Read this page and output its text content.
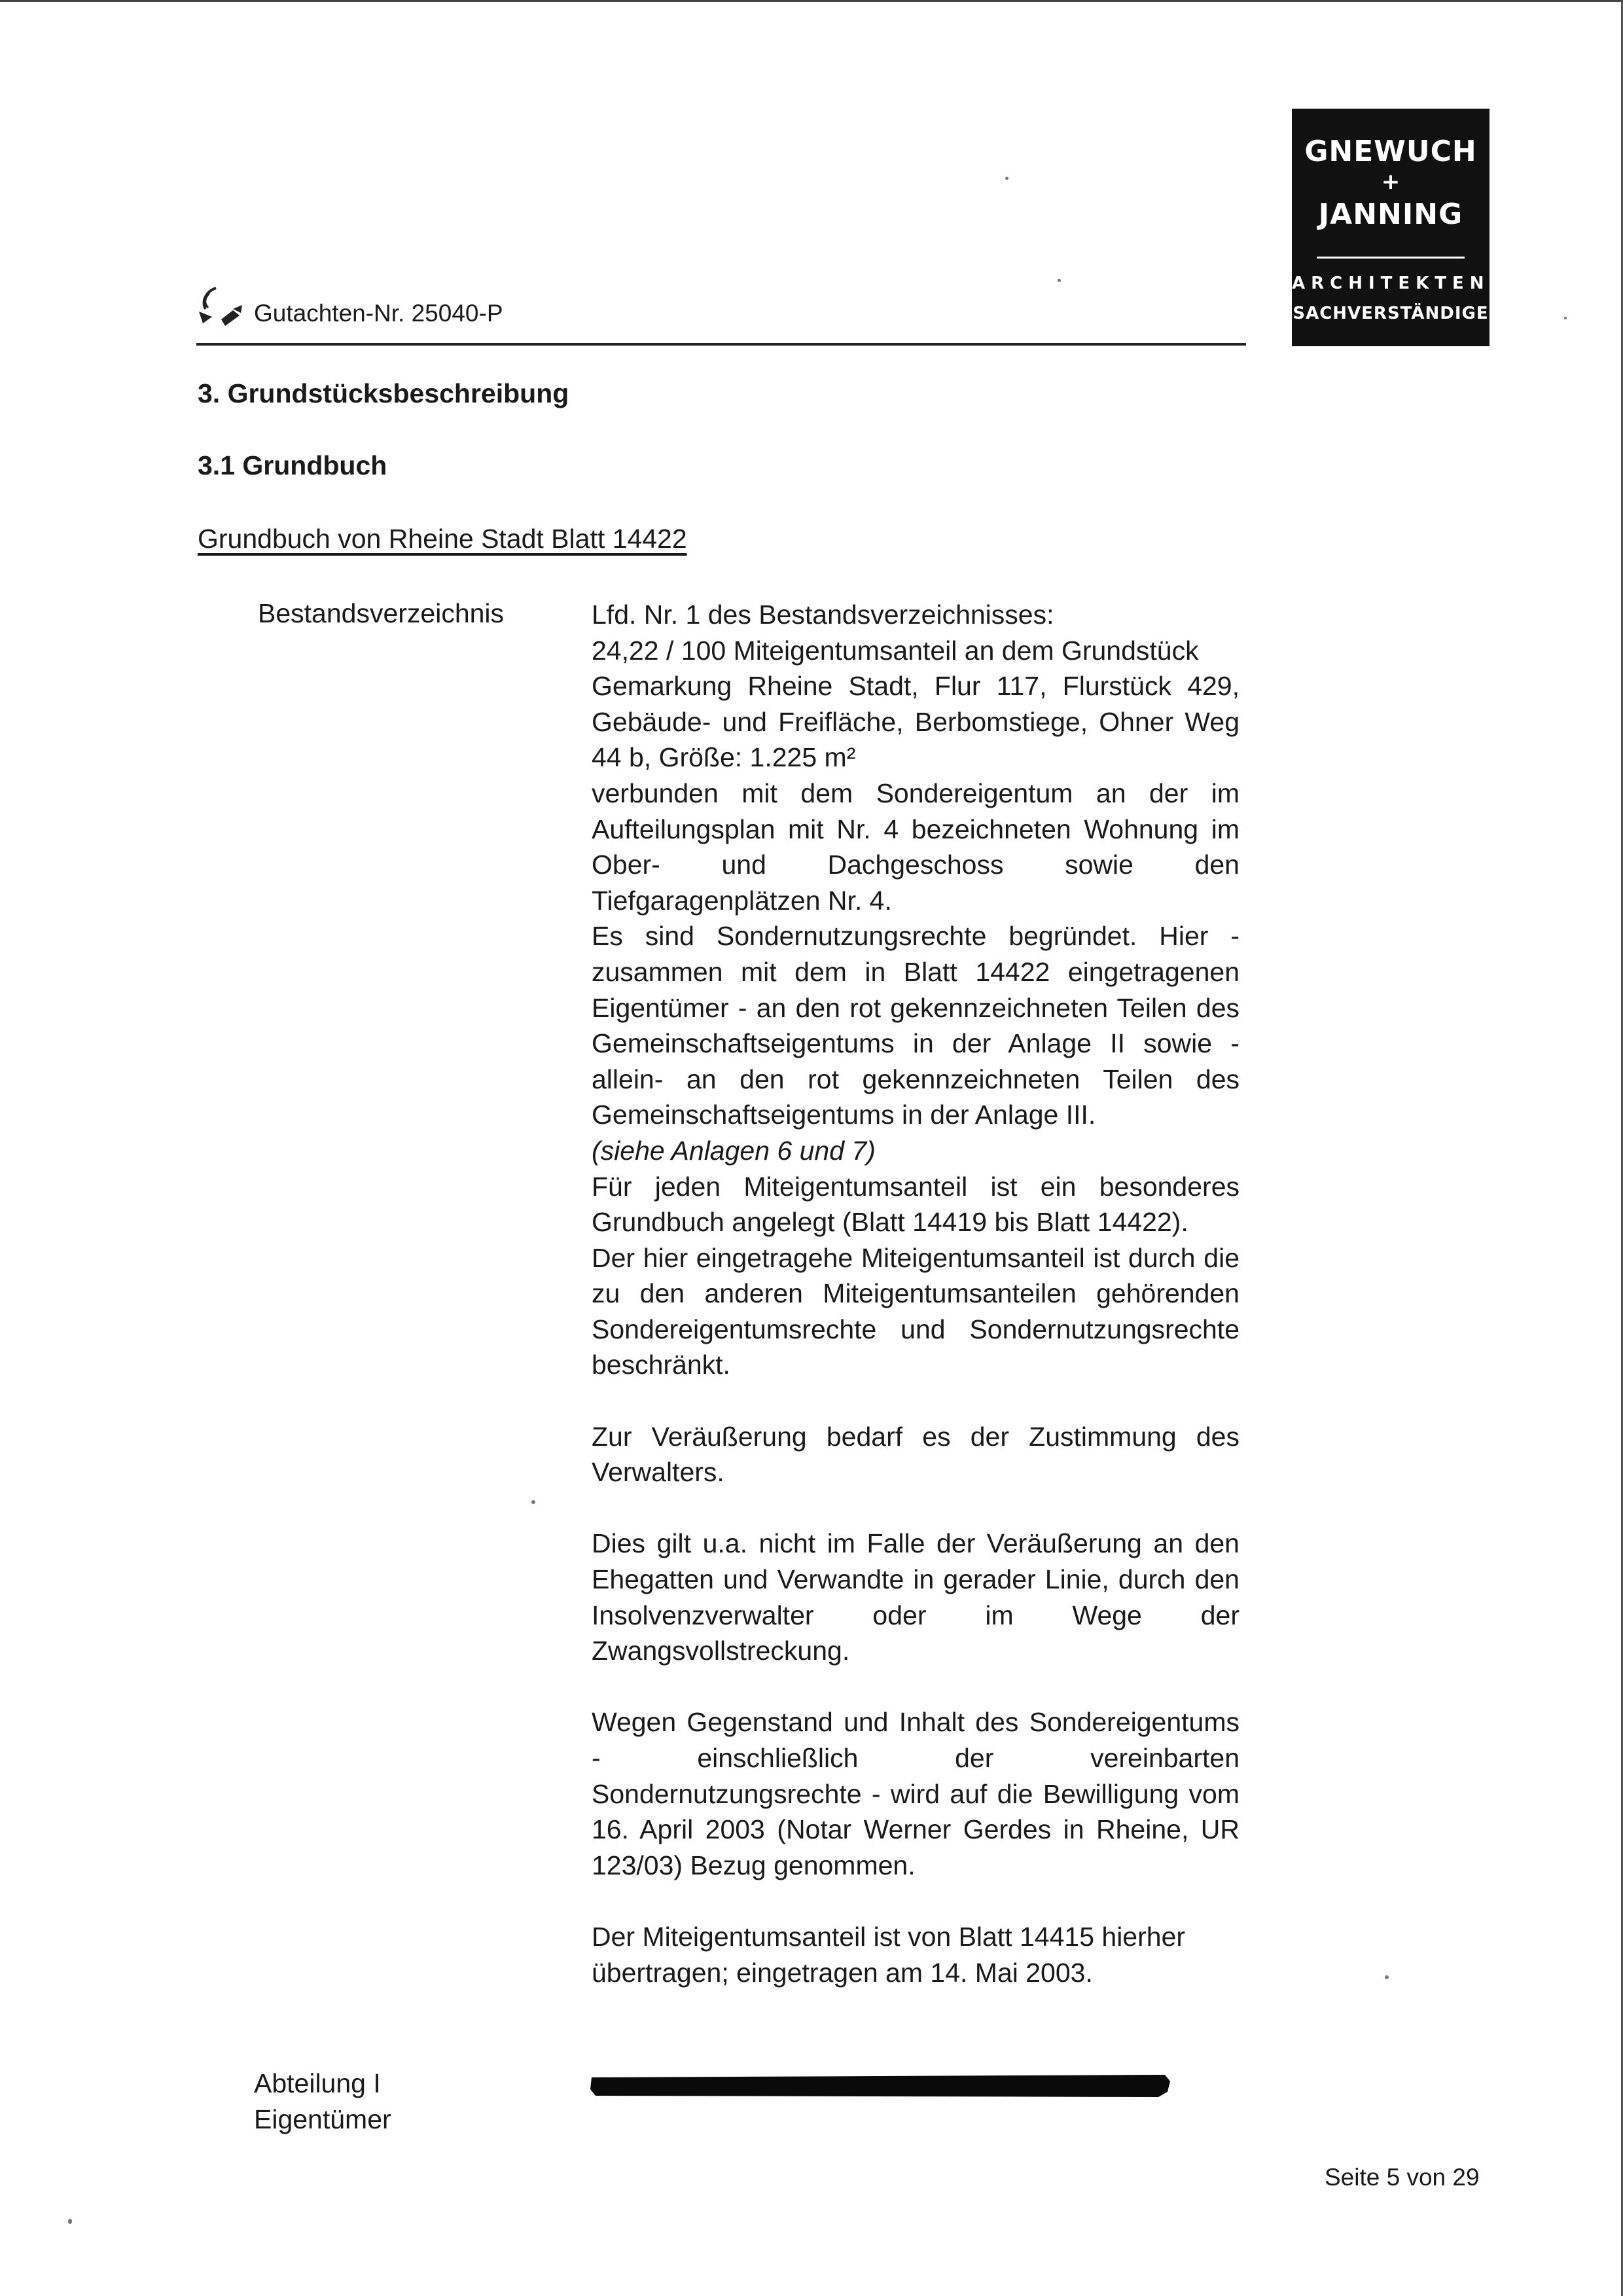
GNEWUCH
+
JANNING
ARCHITEKTEN
SACHVERSTÄNDIGE
Gutachten-Nr. 25040-P
3. Grundstücksbeschreibung
3.1 Grundbuch
Grundbuch von Rheine Stadt Blatt 14422
Bestandsverzeichnis	Lfd. Nr. 1 des Bestandsverzeichnisses:

24,22 / 100 Miteigentumsanteil an dem Grundstück

Gemarkung Rheine Stadt, Flur 117, Flurstück 429, Gebäude- und Freifläche, Berbomstiege, Ohner Weg 44 b, Größe: 1.225 m²

verbunden mit dem Sondereigentum an der im Aufteilungsplan mit Nr. 4 bezeichneten Wohnung im Ober- und Dachgeschoss sowie den Tiefgaragenplätzen Nr. 4.

Es sind Sondernutzungsrechte begründet. Hier - zusammen mit dem in Blatt 14422 eingetragenen Eigentümer - an den rot gekennzeichneten Teilen des Gemeinschaftseigentums in der Anlage II sowie -allein- an den rot gekennzeichneten Teilen des Gemeinschaftseigentums in der Anlage III.

(siehe Anlagen 6 und 7)

Für jeden Miteigentumsanteil ist ein besonderes Grundbuch angelegt (Blatt 14419 bis Blatt 14422).

Der hier eingetragehe Miteigentumsanteil ist durch die zu den anderen Miteigentumsanteilen gehörenden Sondereigentumsrechte und Sondernutzungsrechte beschränkt.

Zur Veräußerung bedarf es der Zustimmung des Verwalters.

Dies gilt u.a. nicht im Falle der Veräußerung an den Ehegatten und Verwandte in gerader Linie, durch den Insolvenzverwalter oder im Wege der Zwangsvollstreckung.

Wegen Gegenstand und Inhalt des Sondereigentums - einschließlich der vereinbarten Sondernutzungsrechte - wird auf die Bewilligung vom 16. April 2003 (Notar Werner Gerdes in Rheine, UR 123/03) Bezug genommen.

Der Miteigentumsanteil ist von Blatt 14415 hierher übertragen; eingetragen am 14. Mai 2003.

Abteilung I
Eigentümer
Seite 5 von 29
